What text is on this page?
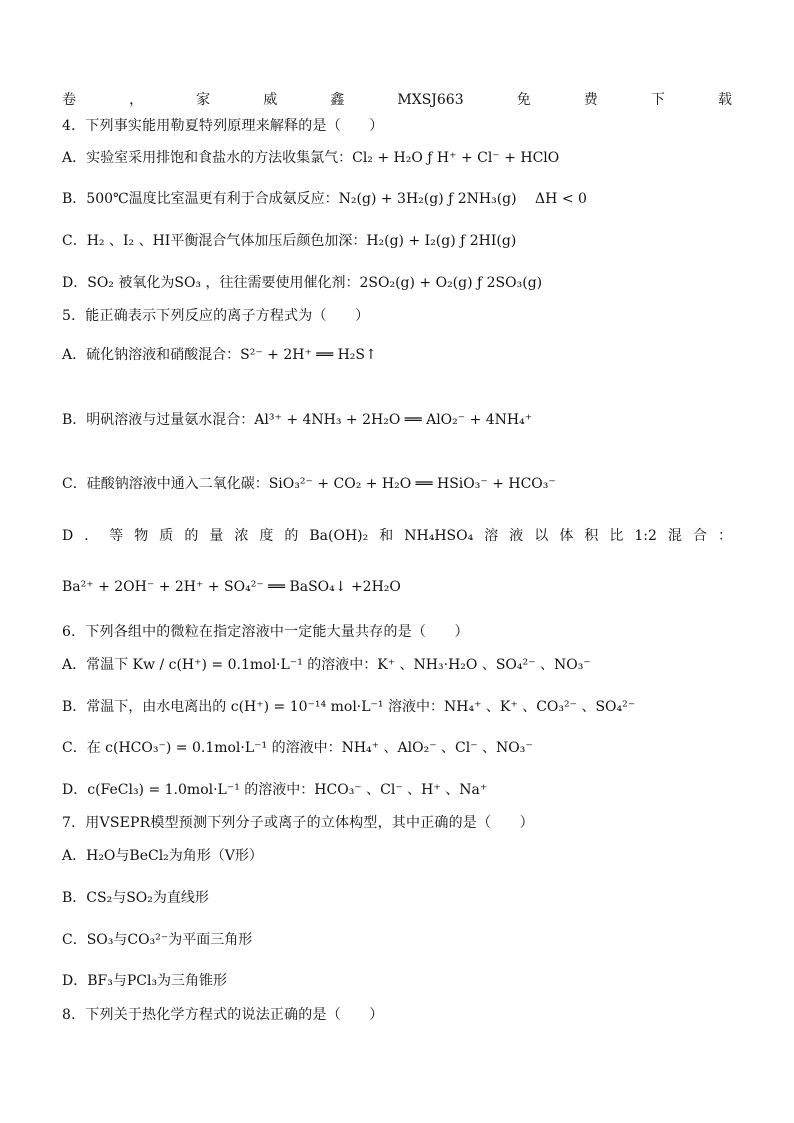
卷	，	家	威	鑫	MXSJ663	免	费	下	载
4．下列事实能用勒夏特列原理来解释的是（　　）
A．实验室采用排饱和食盐水的方法收集氯气：Cl₂ + H₂O ƒ H⁺ + Cl⁻ + HClO
B．500℃温度比室温更有利于合成氨反应：N₂(g) + 3H₂(g) ƒ 2NH₃(g)　 ΔH < 0
C．H₂ 、I₂ 、HI平衡混合气体加压后颜色加深：H₂(g) + I₂(g) ƒ 2HI(g)
D．SO₂ 被氧化为SO₃ ，往往需要使用催化剂：2SO₂(g) + O₂(g) ƒ 2SO₃(g)
5．能正确表示下列反应的离子方程式为（　　）
A．硫化钠溶液和硝酸混合：S²⁻ + 2H⁺ ══ H₂S↑
B．明矾溶液与过量氨水混合：Al³⁺ + 4NH₃ + 2H₂O ══ AlO₂⁻ + 4NH₄⁺
C．硅酸钠溶液中通入二氧化碳：SiO₃²⁻ + CO₂ + H₂O ══ HSiO₃⁻ + HCO₃⁻
D ． 等 物 质 的 量 浓 度 的 Ba(OH)₂ 和 NH₄HSO₄ 溶 液 以 体 积 比 1:2 混 合 ：
Ba²⁺ + 2OH⁻ + 2H⁺ + SO₄²⁻ ══ BaSO₄↓ +2H₂O
6．下列各组中的微粒在指定溶液中一定能大量共存的是（　　）
A．常温下 Kw / c(H⁺) = 0.1mol·L⁻¹ 的溶液中：K⁺ 、NH₃·H₂O 、SO₄²⁻ 、NO₃⁻
B．常温下，由水电离出的 c(H⁺) = 10⁻¹⁴ mol·L⁻¹ 溶液中：NH₄⁺ 、K⁺ 、CO₃²⁻ 、SO₄²⁻
C．在 c(HCO₃⁻) = 0.1mol·L⁻¹ 的溶液中：NH₄⁺ 、AlO₂⁻ 、Cl⁻ 、NO₃⁻
D．c(FeCl₃) = 1.0mol·L⁻¹ 的溶液中：HCO₃⁻ 、Cl⁻ 、H⁺ 、Na⁺
7．用VSEPR模型预测下列分子或离子的立体构型，其中正确的是（　　）
A．H₂O与BeCl₂为角形（V形）
B．CS₂与SO₂为直线形
C．SO₃与CO₃²⁻为平面三角形
D．BF₃与PCl₃为三角锥形
8．下列关于热化学方程式的说法正确的是（　　）
